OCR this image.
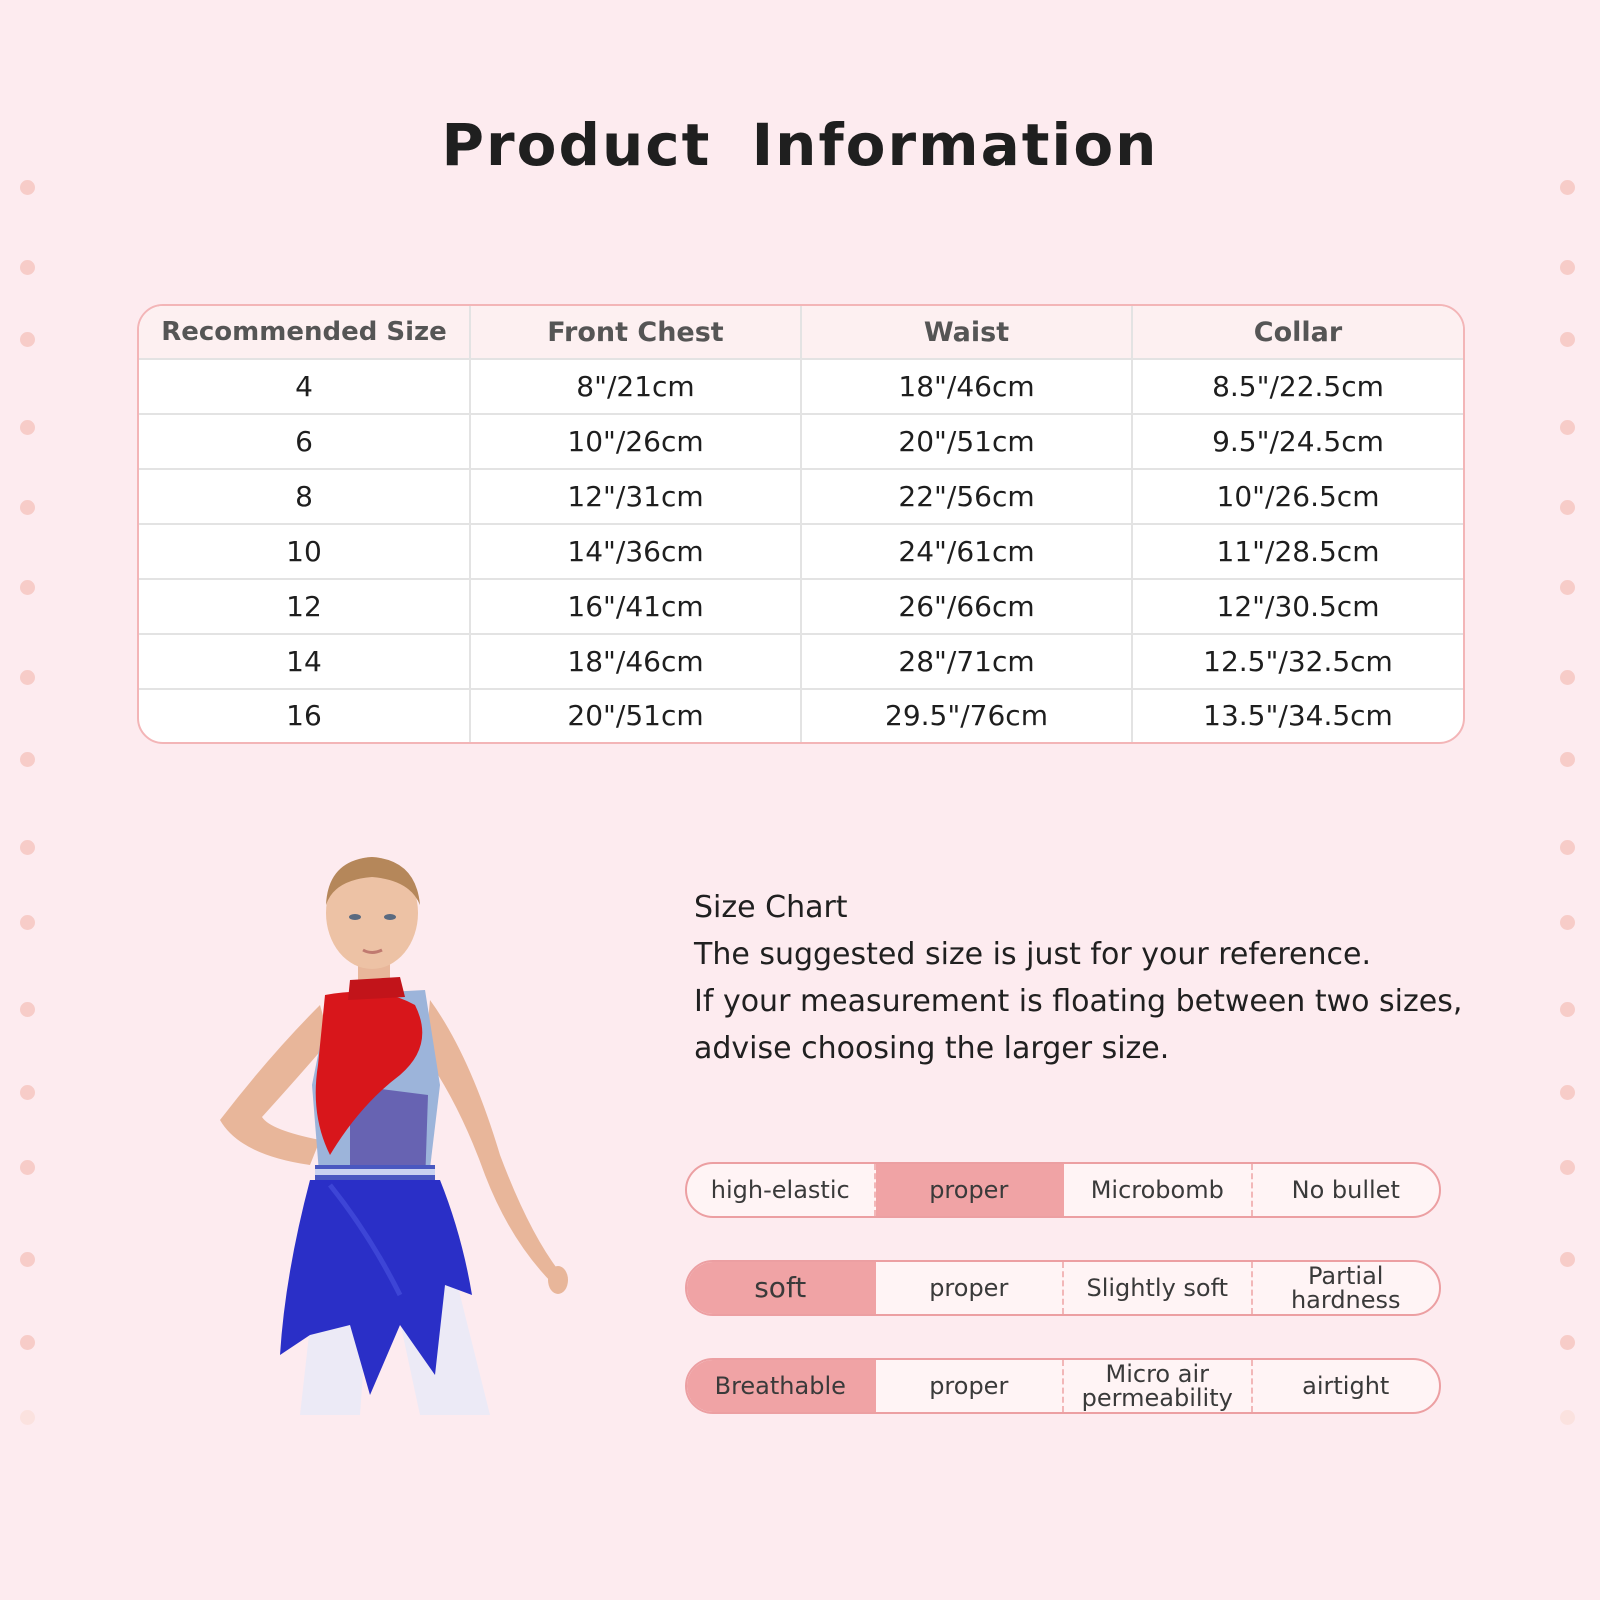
Product Information
Recommended Size	Front Chest	Waist	Collar
4	8"/21cm	18"/46cm	8.5"/22.5cm
6	10"/26cm	20"/51cm	9.5"/24.5cm
8	12"/31cm	22"/56cm	10"/26.5cm
10	14"/36cm	24"/61cm	11"/28.5cm
12	16"/41cm	26"/66cm	12"/30.5cm
14	18"/46cm	28"/71cm	12.5"/32.5cm
16	20"/51cm	29.5"/76cm	13.5"/34.5cm

Size Chart

The suggested size is just for your reference.

If your measurement is floating between two sizes,

advise choosing the larger size.

high-elastic	proper	Microbomb	No bullet
soft	proper	Slightly soft	Partial hardness
Breathable	proper	Micro air permeability	airtight
